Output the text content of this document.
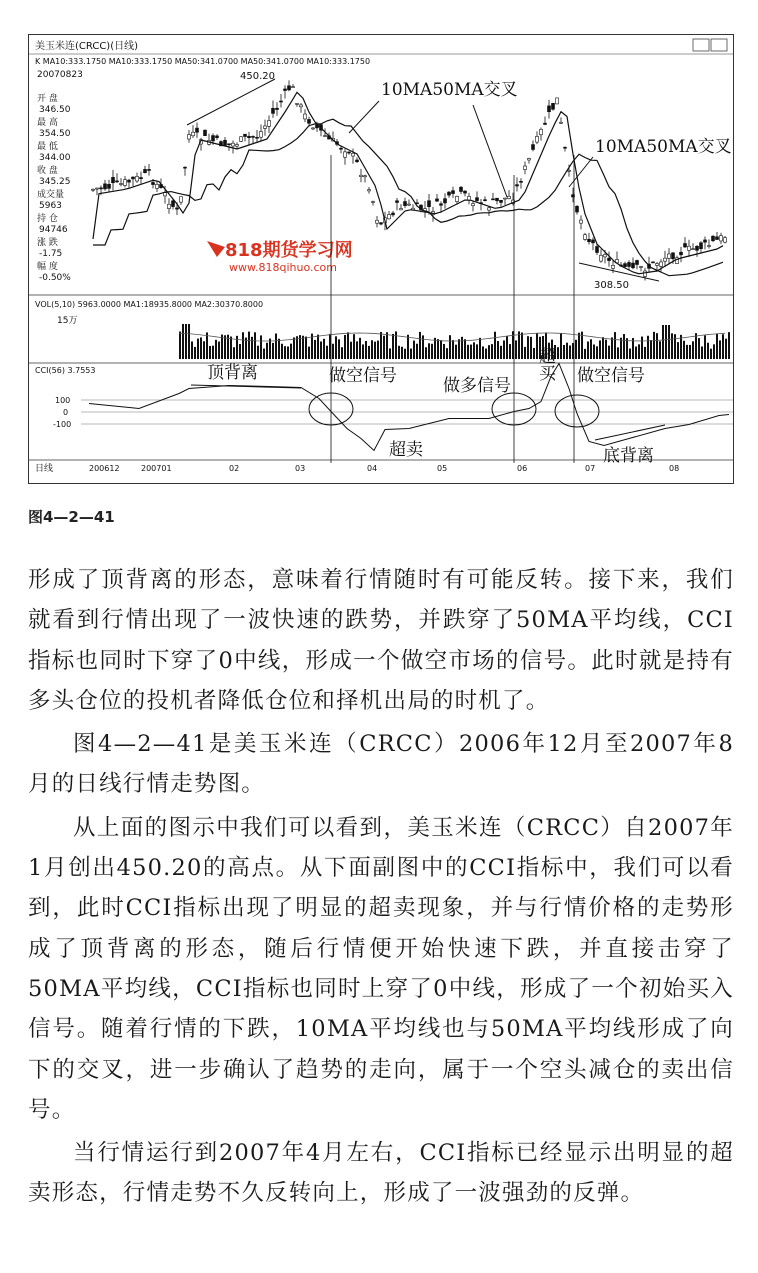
美玉米连(CRCC)(日线)
K MA10:333.1750 MA10:333.1750 MA50:341.0700 MA50:341.0700 MA10:333.1750
20070823
开 盘
346.50
最 高
354.50
最 低
344.00
收 盘
345.25
成交量
5963
持 仓
94746
涨 跌
-1.75
幅 度
-0.50%
818期货学习网
www.818qihuo.com
450.20
308.50
10MA50MA交叉
10MA50MA交叉
VOL(5,10) 5963.0000 MA1:18935.8000 MA2:30370.8000
15万
CCI(56) 3.7553
100
0
-100
顶背离	做空信号	做多信号
超买 做空信号
超卖	底背离
日线	200612	200701	02	03	04	05	06	07	08
图4—2—41

形成了顶背离的形态，意味着行情随时有可能反转。接下来，我们就看到行情出现了一波快速的跌势，并跌穿了50MA平均线，CCI指标也同时下穿了0中线，形成一个做空市场的信号。此时就是持有多头仓位的投机者降低仓位和择机出局的时机了。

图4—2—41是美玉米连（CRCC）2006年12月至2007年8月的日线行情走势图。

从上面的图示中我们可以看到，美玉米连（CRCC）自2007年1月创出450.20的高点。从下面副图中的CCI指标中，我们可以看到，此时CCI指标出现了明显的超卖现象，并与行情价格的走势形成了顶背离的形态，随后行情便开始快速下跌，并直接击穿了50MA平均线，CCI指标也同时上穿了0中线，形成了一个初始买入信号。随着行情的下跌，10MA平均线也与50MA平均线形成了向下的交叉，进一步确认了趋势的走向，属于一个空头减仓的卖出信号。

当行情运行到2007年4月左右，CCI指标已经显示出明显的超卖形态，行情走势不久反转向上，形成了一波强劲的反弹。
